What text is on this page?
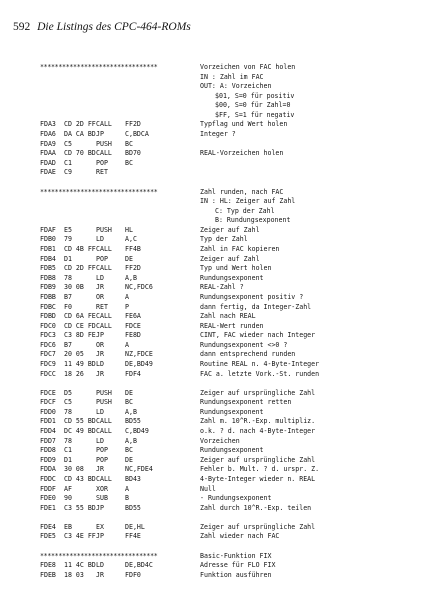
592 Die Listings des CPC-464-ROMs
********************************	Vorzeichen von FAC holen
IN : Zahl im FAC
OUT: A: Vorzeichen
$01, S=0 für positiv
$00, S=0 für Zahl=0
$FF, S=1 für negativ
FDA3 CD 2D FF CALL FF2D	Typflag und Wert holen
FDA6 DA CA BD JP	C,BDCA	Integer ?
FDA9 C5	PUSH BC
FDAA CD 70 BD CALL BD70	REAL-Vorzeichen holen
FDAD C1	POP	BC
FDAE C9	RET
********************************	Zahl runden, nach FAC
IN : HL: Zeiger auf Zahl
C: Typ der Zahl
B: Rundungsexponent
FDAF E5	PUSH HL	Zeiger auf Zahl
FDB0 79	LD	A,C	Typ der Zahl
FDB1 CD 4B FF CALL FF4B	Zahl in FAC kopieren
FDB4 D1	POP	DE	Zeiger auf Zahl
FDB5 CD 2D FF CALL FF2D	Typ und Wert holen
FDB8 78	LD	A,B	Rundungsexponent
FDB9 30 0B JR	NC,FDC6	REAL-Zahl ?
FDBB B7	OR	A	Rundungsexponent positiv ?
FDBC F0	RET	P	dann fertig, da Integer-Zahl
FDBD CD 6A FE CALL FE6A	Zahl nach REAL
FDC0 CD CE FD CALL FDCE	REAL-Wert runden
FDC3 C3 8D FE JP	FE8D	CINT, FAC wieder nach Integer
FDC6 B7	OR	A	Rundungsexponent <>0 ?
FDC7 20 05 JR	NZ,FDCE	dann entsprechend runden
FDC9 11 49 BD LD	DE,BD49	Routine REAL n. 4-Byte-Integer
FDCC 18 26 JR	FDF4	FAC a. letzte Vork.-St. runden
FDCE D5	PUSH DE	Zeiger auf ursprüngliche Zahl
FDCF C5	PUSH BC	Rundungsexponent retten
FDD0 78	LD	A,B	Rundungsexponent
FDD1 CD 55 BD CALL BD55	Zahl m. 10^R.-Exp. multipliz.
FDD4 DC 49 BD CALL C,BD49	o.k. ? d. nach 4-Byte-Integer
FDD7 78	LD	A,B	Vorzeichen
FDD8 C1	POP	BC	Rundungsexponent
FDD9 D1	POP	DE	Zeiger auf ursprüngliche Zahl
FDDA 30 08 JR	NC,FDE4	Fehler b. Mult. ? d. urspr. Z.
FDDC CD 43 BD CALL BD43	4-Byte-Integer wieder n. REAL
FDDF AF	XOR	A	Null
FDE0 90	SUB	B	- Rundungsexponent
FDE1 C3 55 BD JP	BD55	Zahl durch 10^R.-Exp. teilen
FDE4 EB	EX	DE,HL	Zeiger auf ursprüngliche Zahl
FDE5 C3 4E FF JP	FF4E	Zahl wieder nach FAC
********************************	Basic-Funktion FIX
FDE8 11 4C BD LD	DE,BD4C	Adresse für FLO FIX
FDEB 18 03 JR	FDF0	Funktion ausführen
